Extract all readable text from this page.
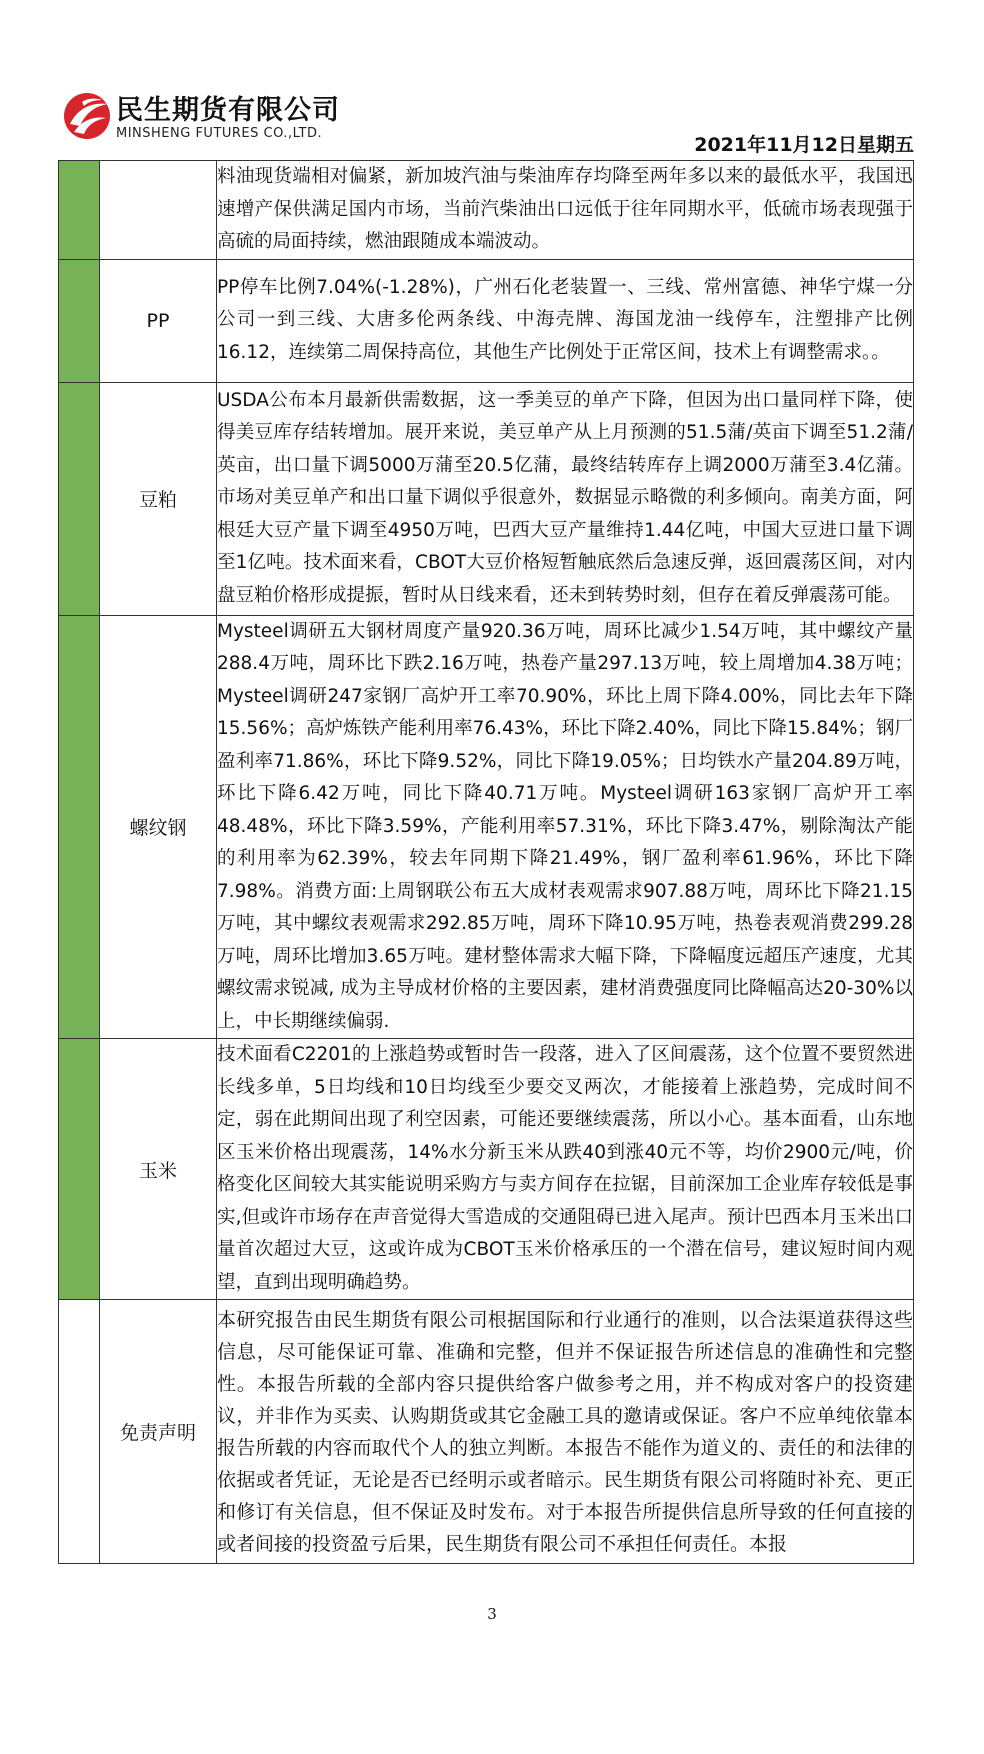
民生期货有限公司
MINSHENG FUTURES CO.,LTD.
2021年11月12日星期五
		料油现货端相对偏紧，新加坡汽油与柴油库存均降至两年多以来的最低水平，我国迅速增产保供满足国内市场，当前汽柴油出口远低于往年同期水平，低硫市场表现强于高硫的局面持续，燃油跟随成本端波动。
	PP	PP停车比例7.04%(-1.28%)，广州石化老装置一、三线、常州富德、神华宁煤一分公司一到三线、大唐多伦两条线、中海壳牌、海国龙油一线停车，注塑排产比例16.12，连续第二周保持高位，其他生产比例处于正常区间，技术上有调整需求。。
	豆粕	USDA公布本月最新供需数据，这一季美豆的单产下降，但因为出口量同样下降，使得美豆库存结转增加。展开来说，美豆单产从上月预测的51.5蒲/英亩下调至51.2蒲/英亩，出口量下调5000万蒲至20.5亿蒲，最终结转库存上调2000万蒲至3.4亿蒲。市场对美豆单产和出口量下调似乎很意外，数据显示略微的利多倾向。南美方面，阿根廷大豆产量下调至4950万吨，巴西大豆产量维持1.44亿吨，中国大豆进口量下调至1亿吨。技术面来看，CBOT大豆价格短暂触底然后急速反弹，返回震荡区间，对内盘豆粕价格形成提振，暂时从日线来看，还未到转势时刻，但存在着反弹震荡可能。
	螺纹钢	Mysteel调研五大钢材周度产量920.36万吨，周环比减少1.54万吨，其中螺纹产量288.4万吨，周环比下跌2.16万吨，热卷产量297.13万吨，较上周增加4.38万吨；Mysteel调研247家钢厂高炉开工率70.90%，环比上周下降4.00%，同比去年下降15.56%；高炉炼铁产能利用率76.43%，环比下降2.40%，同比下降15.84%；钢厂盈利率71.86%，环比下降9.52%，同比下降19.05%；日均铁水产量204.89万吨，环比下降6.42万吨，同比下降40.71万吨。Mysteel调研163家钢厂高炉开工率48.48%，环比下降3.59%，产能利用率57.31%，环比下降3.47%，剔除淘汰产能的利用率为62.39%，较去年同期下降21.49%，钢厂盈利率61.96%，环比下降7.98%。消费方面:上周钢联公布五大成材表观需求907.88万吨，周环比下降21.15万吨，其中螺纹表观需求292.85万吨，周环下降10.95万吨，热卷表观消费299.28万吨，周环比增加3.65万吨。建材整体需求大幅下降，下降幅度远超压产速度，尤其螺纹需求锐减, 成为主导成材价格的主要因素，建材消费强度同比降幅高达20-30%以上，中长期继续偏弱.
	玉米	技术面看C2201的上涨趋势或暂时告一段落，进入了区间震荡，这个位置不要贸然进长线多单，5日均线和10日均线至少要交叉两次，才能接着上涨趋势，完成时间不定，弱在此期间出现了利空因素，可能还要继续震荡，所以小心。基本面看，山东地区玉米价格出现震荡，14%水分新玉米从跌40到涨40元不等，均价2900元/吨，价格变化区间较大其实能说明采购方与卖方间存在拉锯，目前深加工企业库存较低是事实,但或许市场存在声音觉得大雪造成的交通阻碍已进入尾声。预计巴西本月玉米出口量首次超过大豆，这或许成为CBOT玉米价格承压的一个潜在信号，建议短时间内观望，直到出现明确趋势。
	免责声明	本研究报告由民生期货有限公司根据国际和行业通行的准则，以合法渠道获得这些信息，尽可能保证可靠、准确和完整，但并不保证报告所述信息的准确性和完整性。本报告所载的全部内容只提供给客户做参考之用，并不构成对客户的投资建议，并非作为买卖、认购期货或其它金融工具的邀请或保证。客户不应单纯依靠本报告所载的内容而取代个人的独立判断。本报告不能作为道义的、责任的和法律的依据或者凭证，无论是否已经明示或者暗示。民生期货有限公司将随时补充、更正和修订有关信息，但不保证及时发布。对于本报告所提供信息所导致的任何直接的或者间接的投资盈亏后果，民生期货有限公司不承担任何责任。本报
3
